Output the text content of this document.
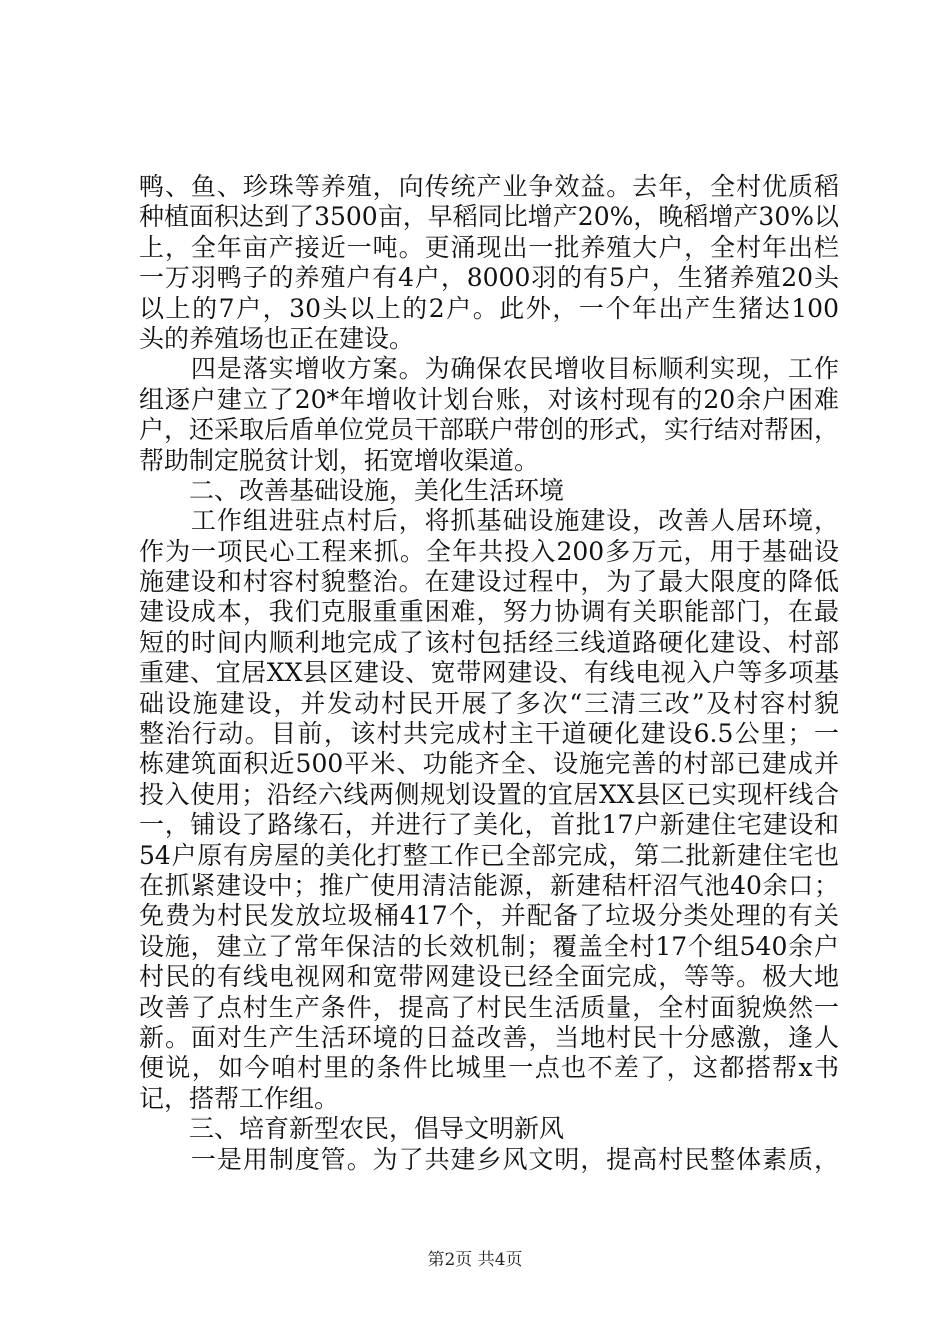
鸭、鱼、珍珠等养殖，向传统产业争效益。去年，全村优质稻
种植面积达到了3500亩，早稻同比增产20%，晚稻增产30%以
上，全年亩产接近一吨。更涌现出一批养殖大户，全村年出栏
一万羽鸭子的养殖户有4户，8000羽的有5户，生猪养殖20头
以上的7户，30头以上的2户。此外，一个年出产生猪达100
头的养殖场也正在建设。
　　四是落实增收方案。为确保农民增收目标顺利实现，工作
组逐户建立了20*年增收计划台账，对该村现有的20余户困难
户，还采取后盾单位党员干部联户带创的形式，实行结对帮困，
帮助制定脱贫计划，拓宽增收渠道。
　　二、改善基础设施，美化生活环境
　　工作组进驻点村后，将抓基础设施建设，改善人居环境，
作为一项民心工程来抓。全年共投入200多万元，用于基础设
施建设和村容村貌整治。在建设过程中，为了最大限度的降低
建设成本，我们克服重重困难，努力协调有关职能部门，在最
短的时间内顺利地完成了该村包括经三线道路硬化建设、村部
重建、宜居XX县区建设、宽带网建设、有线电视入户等多项基
础设施建设，并发动村民开展了多次“三清三改”及村容村貌
整治行动。目前，该村共完成村主干道硬化建设6.5公里；一
栋建筑面积近500平米、功能齐全、设施完善的村部已建成并
投入使用；沿经六线两侧规划设置的宜居XX县区已实现杆线合
一，铺设了路缘石，并进行了美化，首批17户新建住宅建设和
54户原有房屋的美化打整工作已全部完成，第二批新建住宅也
在抓紧建设中；推广使用清洁能源，新建秸杆沼气池40余口；
免费为村民发放垃圾桶417个，并配备了垃圾分类处理的有关
设施，建立了常年保洁的长效机制；覆盖全村17个组540余户
村民的有线电视网和宽带网建设已经全面完成，等等。极大地
改善了点村生产条件，提高了村民生活质量，全村面貌焕然一
新。面对生产生活环境的日益改善，当地村民十分感激，逢人
便说，如今咱村里的条件比城里一点也不差了，这都搭帮x书
记，搭帮工作组。
　　三、培育新型农民，倡导文明新风
　　一是用制度管。为了共建乡风文明，提高村民整体素质，
第2页 共4页
